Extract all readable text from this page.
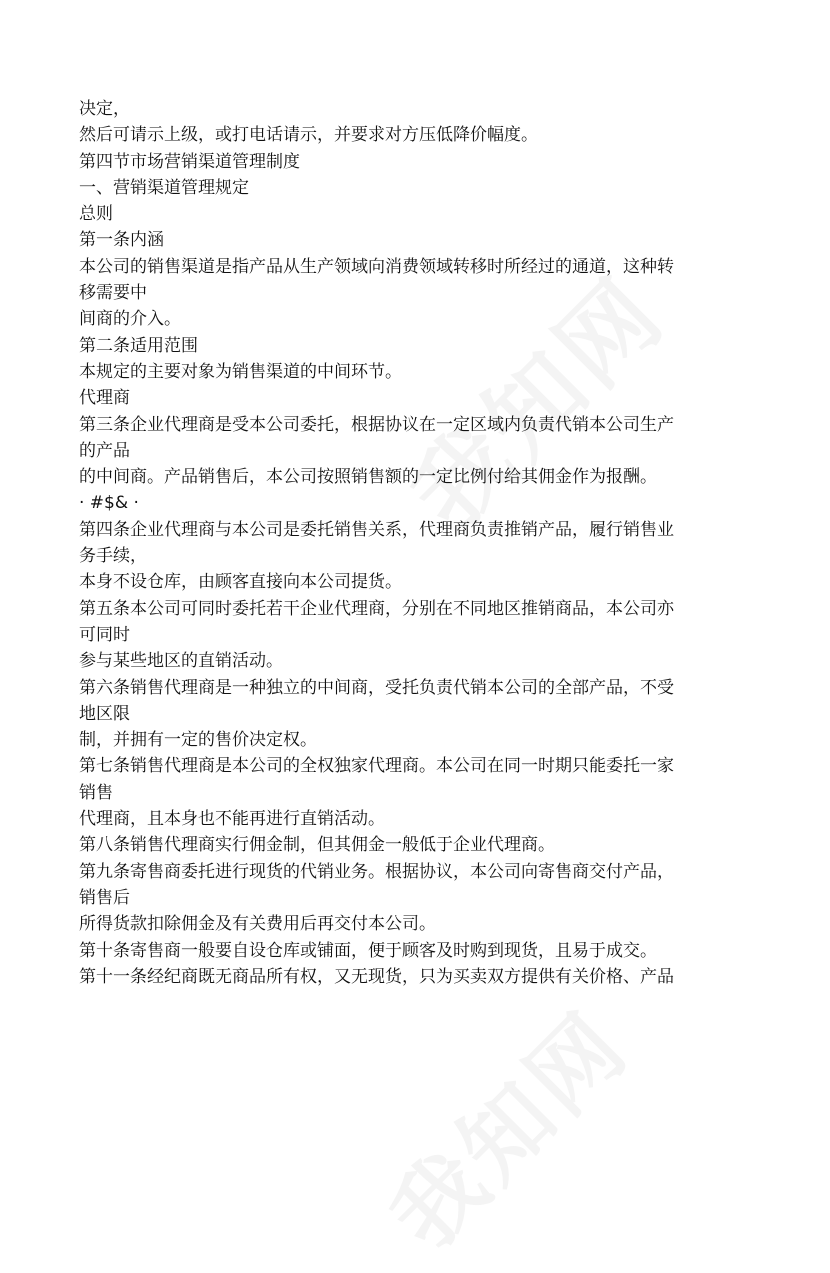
决定，
然后可请示上级，或打电话请示，并要求对方压低降价幅度。
第四节市场营销渠道管理制度
一、营销渠道管理规定
总则
第一条内涵
本公司的销售渠道是指产品从生产领域向消费领域转移时所经过的通道，这种转
移需要中
间商的介入。
第二条适用范围
本规定的主要对象为销售渠道的中间环节。
代理商
第三条企业代理商是受本公司委托，根据协议在一定区域内负责代销本公司生产
的产品
的中间商。产品销售后，本公司按照销售额的一定比例付给其佣金作为报酬。
· #$& ·
第四条企业代理商与本公司是委托销售关系，代理商负责推销产品，履行销售业
务手续，
本身不设仓库，由顾客直接向本公司提货。
第五条本公司可同时委托若干企业代理商，分别在不同地区推销商品，本公司亦
可同时
参与某些地区的直销活动。
第六条销售代理商是一种独立的中间商，受托负责代销本公司的全部产品，不受
地区限
制，并拥有一定的售价决定权。
第七条销售代理商是本公司的全权独家代理商。本公司在同一时期只能委托一家
销售
代理商，且本身也不能再进行直销活动。
第八条销售代理商实行佣金制，但其佣金一般低于企业代理商。
第九条寄售商委托进行现货的代销业务。根据协议，本公司向寄售商交付产品，
销售后
所得货款扣除佣金及有关费用后再交付本公司。
第十条寄售商一般要自设仓库或铺面，便于顾客及时购到现货，且易于成交。
第十一条经纪商既无商品所有权，又无现货，只为买卖双方提供有关价格、产品
